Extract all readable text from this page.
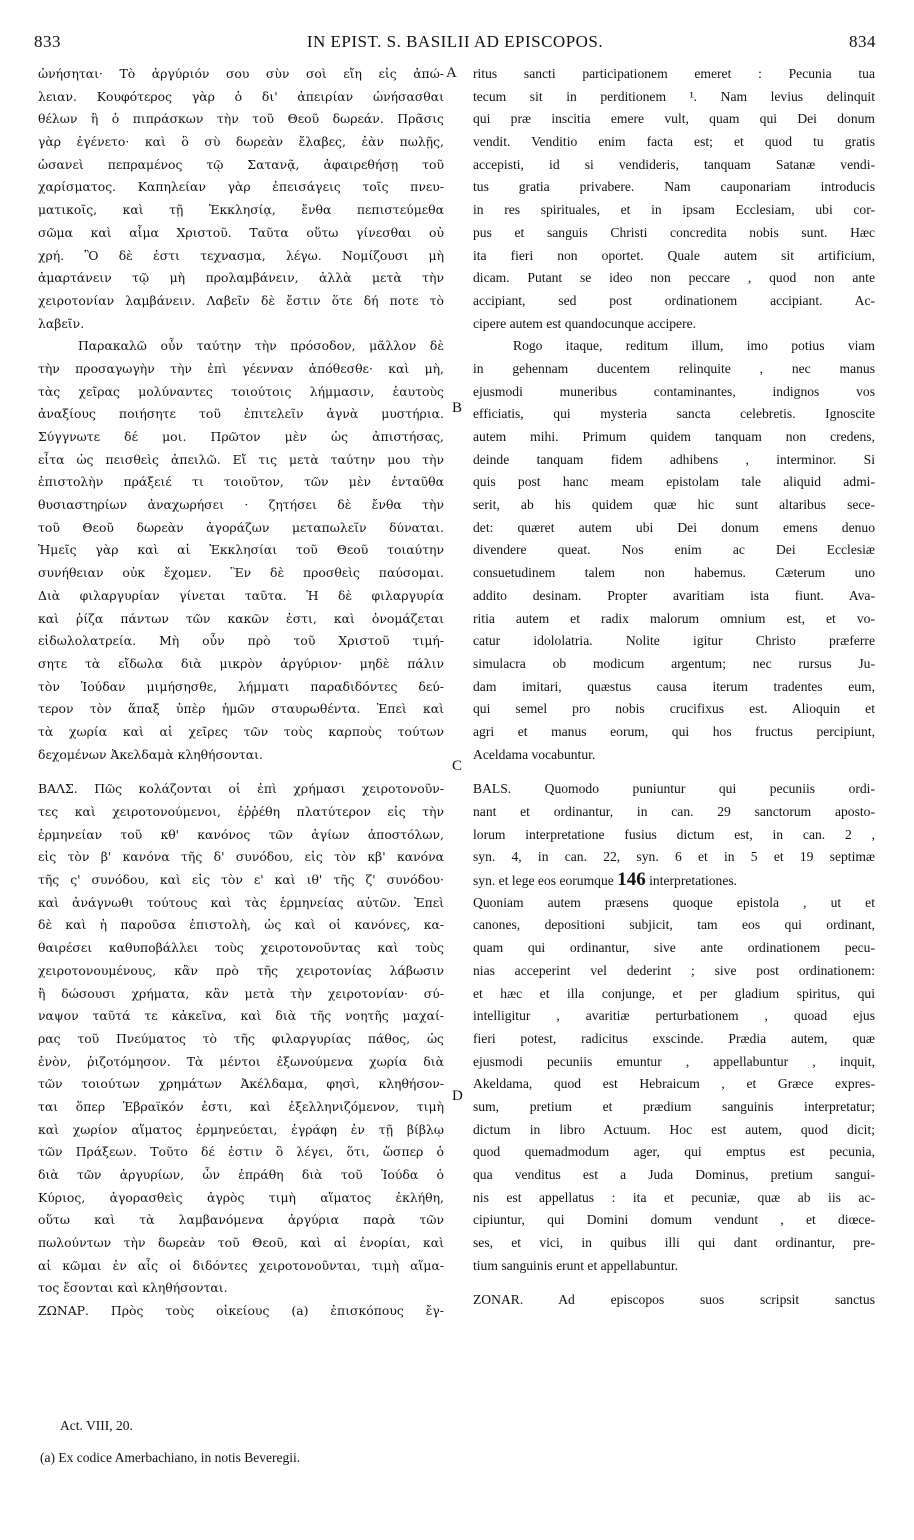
833	IN EPIST. S. BASILII AD EPISCOPOS.	834
ὠνήσηται· Τὸ ἀργύριόν σου σὺν σοὶ εἴη εἰς ἀπώ-
λειαν. Κουφότερος γὰρ ὁ δι' ἀπειρίαν ὠνήσασθαι
θέλων ἢ ὁ πιπράσκων τὴν τοῦ Θεοῦ δωρεάν. Πρᾶσις
γὰρ ἐγένετο· καὶ ὃ σὺ δωρεὰν ἔλαβες, ἐὰν πωλῇς,
ὡσανεὶ πεπραμένος τῷ Σατανᾷ, ἀφαιρεθήσῃ τοῦ
χαρίσματος. Καπηλείαν γὰρ ἐπεισάγεις τοῖς πνευ-
ματικοῖς, καὶ τῇ Ἐκκλησίᾳ, ἔνθα πεπιστεύμεθα
σῶμα καὶ αἷμα Χριστοῦ. Ταῦτα οὕτω γίνεσθαι οὐ
χρή. Ὃ δὲ ἐστι τεχνασμα, λέγω. Νομίζουσι μὴ
ἁμαρτάνειν τῷ μὴ προλαμβάνειν, ἀλλὰ μετὰ τὴν
χειροτονίαν λαμβάνειν. Λαβεῖν δὲ ἔστιν ὅτε δή ποτε τὸ
λαβεῖν.
Παρακαλῶ οὖν ταύτην τὴν πρόσοδον, μᾶλλον δὲ
τὴν προσαγωγὴν τὴν ἐπὶ γέενναν ἀπόθεσθε· καὶ μὴ,
τὰς χεῖρας μολύναντες τοιούτοις λήμμασιν, ἑαυτοὺς
ἀναξίους ποιήσητε τοῦ ἐπιτελεῖν ἁγνὰ μυστήρια.
Σύγγνωτε δέ μοι. Πρῶτον μὲν ὡς ἀπιστήσας,
εἶτα ὡς πεισθεὶς ἀπειλῶ. Εἴ τις μετὰ ταύτην μου τὴν
ἐπιστολὴν πράξειέ τι τοιοῦτον, τῶν μὲν ἐνταῦθα
θυσιαστηρίων ἀναχωρήσει · ζητήσει δὲ ἔνθα τὴν
τοῦ Θεοῦ δωρεὰν ἀγοράζων μεταπωλεῖν δύναται.
Ἡμεῖς γὰρ καὶ αἱ Ἐκκλησίαι τοῦ Θεοῦ τοιαύτην
συνήθειαν οὐκ ἔχομεν. Ἓν δὲ προσθεὶς παύσομαι.
Διὰ φιλαργυρίαν γίνεται ταῦτα. Ἡ δὲ φιλαργυρία
καὶ ῥίζα πάντων τῶν κακῶν ἐστι, καὶ ὀνομάζεται
εἰδωλολατρεία. Μὴ οὖν πρὸ τοῦ Χριστοῦ τιμή-
σητε τὰ εἴδωλα διὰ μικρὸν ἀργύριον· μηδὲ πάλιν
τὸν Ἰούδαν μιμήσησθε, λήμματι παραδιδόντες δεύ-
τερον τὸν ἅπαξ ὑπὲρ ἡμῶν σταυρωθέντα. Ἐπεὶ καὶ
τὰ χωρία καὶ αἱ χεῖρες τῶν τοὺς καρποὺς τούτων
δεχομένων Ἀκελδαμὰ κληθήσονται.
ΒΑΛΣ. Πῶς κολάζονται οἱ ἐπὶ χρήμασι χειροτονοῦν-
τες καὶ χειροτονούμενοι, ἐῤῥέθη πλατύτερον εἰς τὴν
ἑρμηνείαν τοῦ κθ' κανόνος τῶν ἁγίων ἀποστόλων,
εἰς τὸν β' κανόνα τῆς δ' συνόδου, εἰς τὸν κβ' κανόνα
τῆς ς' συνόδου, καὶ εἰς τὸν ε' καὶ ιθ' τῆς ζ' συνόδου·
καὶ ἀνάγνωθι τούτους καὶ τὰς ἑρμηνείας αὐτῶν. Ἐπεὶ
δὲ καὶ ἡ παροῦσα ἐπιστολὴ, ὡς καὶ οἱ κανόνες, κα-
θαιρέσει καθυποβάλλει τοὺς χειροτονοῦντας καὶ τοὺς
χειροτονουμένους, κἂν πρὸ τῆς χειροτονίας λάβωσιν
ἢ δώσουσι χρήματα, κἂν μετὰ τὴν χειροτονίαν· σύ-
ναψον ταῦτά τε κἀκεῖνα, καὶ διὰ τῆς νοητῆς μαχαί-
ρας τοῦ Πνεύματος τὸ τῆς φιλαργυρίας πάθος, ὡς
ἐνὸν, ῥιζοτόμησον. Τὰ μέντοι ἐξωνούμενα χωρία διὰ
τῶν τοιούτων χρημάτων Ἀκέλδαμα, φησὶ, κληθήσον-
ται ὅπερ Ἑβραϊκόν ἐστι, καὶ ἐξελληνιζόμενον, τιμὴ
καὶ χωρίον αἵματος ἑρμηνεύεται, ἐγράφη ἐν τῇ βίβλῳ
τῶν Πράξεων. Τοῦτο δέ ἐστιν ὃ λέγει, ὅτι, ὥσπερ ὁ
διὰ τῶν ἀργυρίων, ὧν ἐπράθη διὰ τοῦ Ἰούδα ὁ
Κύριος, ἀγορασθεὶς ἀγρὸς τιμὴ αἵματος ἐκλήθη,
οὕτω καὶ τὰ λαμβανόμενα ἀργύρια παρὰ τῶν
πωλούντων τὴν δωρεὰν τοῦ Θεοῦ, καὶ αἱ ἐνορίαι, καὶ
αἱ κῶμαι ἐν αἷς οἱ διδόντες χειροτονοῦνται, τιμὴ αἵμα-
τος ἔσονται καὶ κληθήσονται.
ΖΩΝΑΡ. Πρὸς τοὺς οἰκείους (a) ἐπισκόπους ἔγ-
A
B
C
D
ritus sancti participationem emeret : Pecunia tua
tecum sit in perditionem ¹. Nam levius delinquit
qui præ inscitia emere vult, quam qui Dei donum
vendit. Venditio enim facta est; et quod tu gratis
accepisti, id si vendideris, tanquam Satanæ vendi-
tus gratia privabere. Nam cauponariam introducis
in res spirituales, et in ipsam Ecclesiam, ubi cor-
pus et sanguis Christi concredita nobis sunt. Hæc
ita fieri non oportet. Quale autem sit artificium,
dicam. Putant se ideo non peccare , quod non ante
accipiant, sed post ordinationem accipiant. Ac-
cipere autem est quandocunque accipere.
Rogo itaque, reditum illum, imo potius viam
in gehennam ducentem relinquite , nec manus
ejusmodi muneribus contaminantes, indignos vos
efficiatis, qui mysteria sancta celebretis. Ignoscite
autem mihi. Primum quidem tanquam non credens,
deinde tanquam fidem adhibens , interminor. Si
quis post hanc meam epistolam tale aliquid admi-
serit, ab his quidem quæ hic sunt altaribus sece-
det: quæret autem ubi Dei donum emens denuo
divendere queat. Nos enim ac Dei Ecclesiæ
consuetudinem talem non habemus. Cæterum uno
addito desinam. Propter avaritiam ista fiunt. Ava-
ritia autem et radix malorum omnium est, et vo-
catur idololatria. Nolite igitur Christo præferre
simulacra ob modicum argentum; nec rursus Ju-
dam imitari, quæstus causa iterum tradentes eum,
qui semel pro nobis crucifixus est. Alioquin et
agri et manus eorum, qui hos fructus percipiunt,
Aceldama vocabuntur.
BALS. Quomodo puniuntur qui pecuniis ordi-
nant et ordinantur, in can. 29 sanctorum aposto-
lorum interpretatione fusius dictum est, in can. 2 ,
syn. 4, in can. 22, syn. 6 et in 5 et 19 septimæ
syn. et lege eos eorumque 146 interpretationes.
Quoniam autem præsens quoque epistola , ut et
canones, depositioni subjicit, tam eos qui ordinant,
quam qui ordinantur, sive ante ordinationem pecu-
nias acceperint vel dederint ; sive post ordinationem:
et hæc et illa conjunge, et per gladium spiritus, qui
intelligitur , avaritiæ perturbationem , quoad ejus
fieri potest, radicitus exscinde. Prædia autem, quæ
ejusmodi pecuniis emuntur , appellabuntur , inquit,
Akeldama, quod est Hebraicum , et Græce expres-
sum, pretium et prædium sanguinis interpretatur;
dictum in libro Actuum. Hoc est autem, quod dicit;
quod quemadmodum ager, qui emptus est pecunia,
qua venditus est a Juda Dominus, pretium sangui-
nis est appellatus : ita et pecuniæ, quæ ab iis ac-
cipiuntur, qui Domini domum vendunt , et diœce-
ses, et vici, in quibus illi qui dant ordinantur, pre-
tium sanguinis erunt et appellabuntur.
ZONAR. Ad episcopos suos scripsit sanctus
Act. VIII, 20.
(a) Ex codice Amerbachiano, in notis Beveregii.
